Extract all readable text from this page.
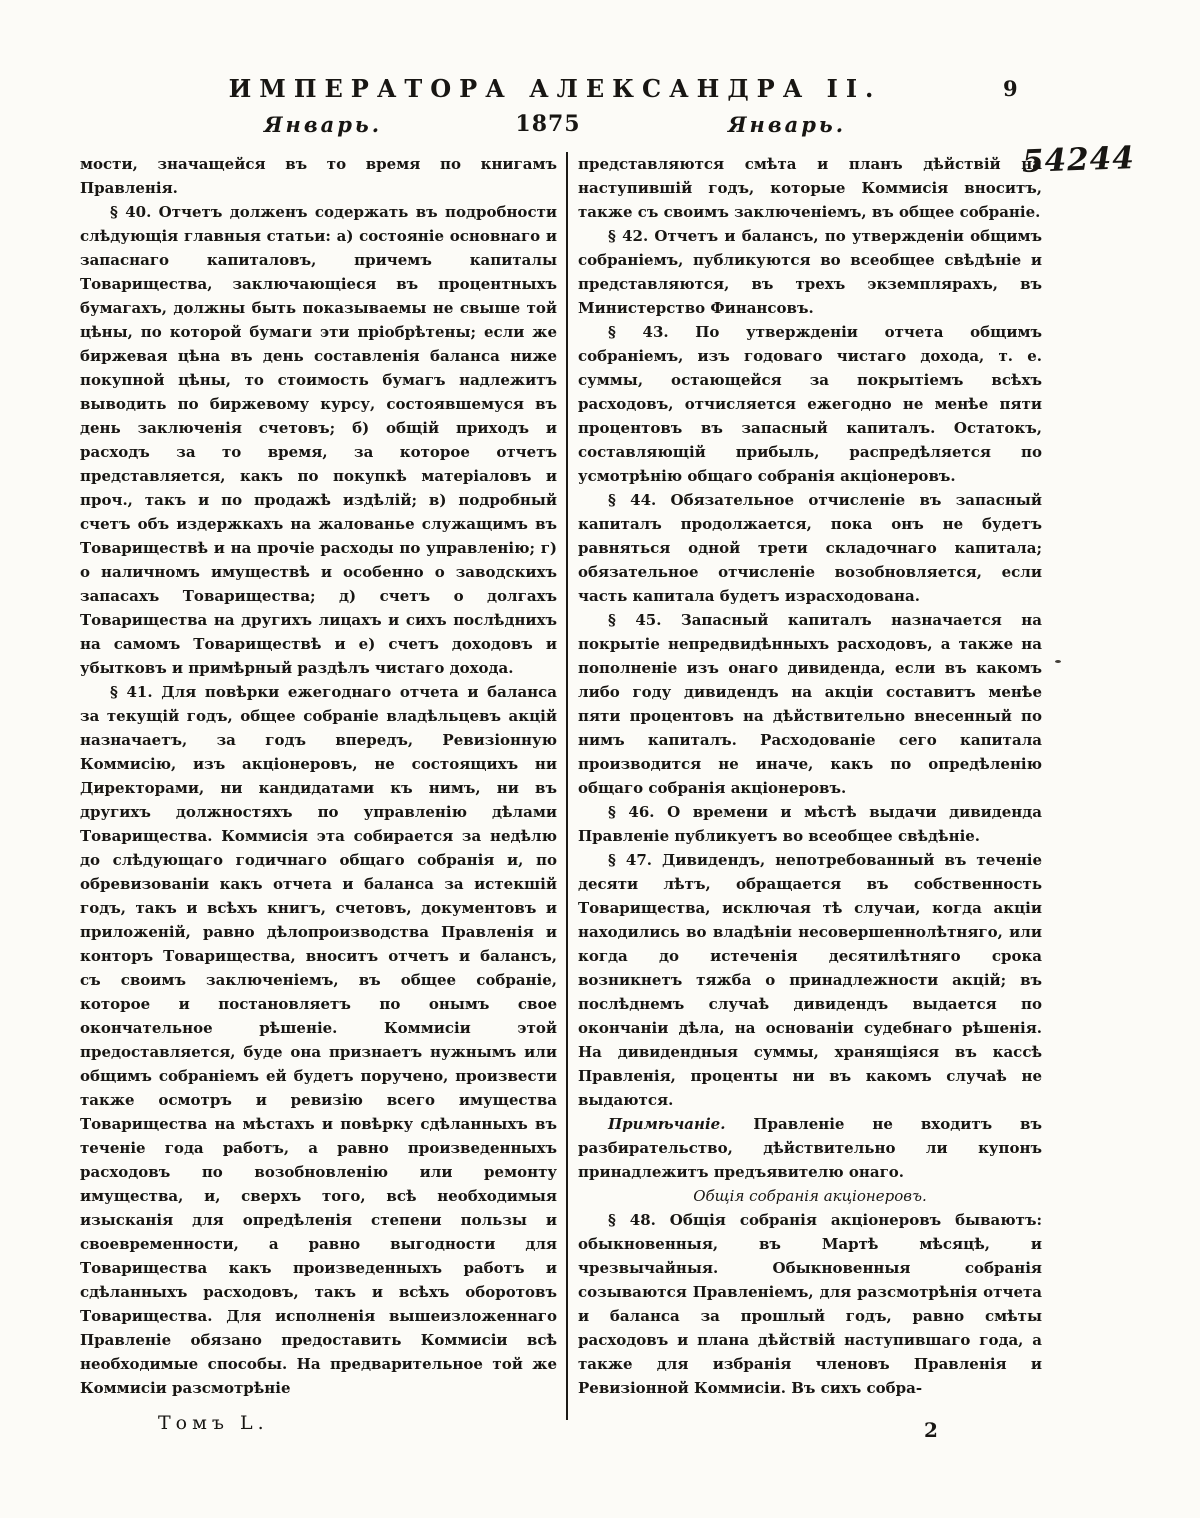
ИМПЕРАТОРА АЛЕКСАНДРА II.	9
Январь.	1875	Январь.
54244

мости, значащейся въ то время по книгамъ Правленія.

§ 40. Отчетъ долженъ содержать въ подробности слѣдующія главныя статьи: а) состояніе основнаго и запаснаго капиталовъ, причемъ капиталы Товарищества, заключающіеся въ процентныхъ бумагахъ, должны быть показываемы не свыше той цѣны, по которой бумаги эти пріобрѣтены; если же биржевая цѣна въ день составленія баланса ниже покупной цѣны, то стоимость бумагъ надлежитъ выводить по биржевому курсу, состоявшемуся въ день заключенія счетовъ; б) общій приходъ и расходъ за то время, за которое отчетъ представляется, какъ по покупкѣ матеріаловъ и проч., такъ и по продажѣ издѣлій; в) подробный счетъ объ издержкахъ на жалованье служащимъ въ Товариществѣ и на прочіе расходы по управленію; г) о наличномъ имуществѣ и особенно о заводскихъ запасахъ Товарищества; д) счетъ о долгахъ Товарищества на другихъ лицахъ и сихъ послѣднихъ на самомъ Товариществѣ и е) счетъ доходовъ и убытковъ и примѣрный раздѣлъ чистаго дохода.

§ 41. Для повѣрки ежегоднаго отчета и баланса за текущій годъ, общее собраніе владѣльцевъ акцій назначаетъ, за годъ впередъ, Ревизіонную Коммисію, изъ акціонеровъ, не состоящихъ ни Директорами, ни кандидатами къ нимъ, ни въ другихъ должностяхъ по управленію дѣлами Товарищества. Коммисія эта собирается за недѣлю до слѣдующаго годичнаго общаго собранія и, по обревизованіи какъ отчета и баланса за истекшій годъ, такъ и всѣхъ книгъ, счетовъ, документовъ и приложеній, равно дѣлопроизводства Правленія и конторъ Товарищества, вноситъ отчетъ и балансъ, съ своимъ заключеніемъ, въ общее собраніе, которое и постановляетъ по онымъ свое окончательное рѣшеніе. Коммисіи этой предоставляется, буде она признаетъ нужнымъ или общимъ собраніемъ ей будетъ поручено, произвести также осмотръ и ревизію всего имущества Товарищества на мѣстахъ и повѣрку сдѣланныхъ въ теченіе года работъ, а равно произведенныхъ расходовъ по возобновленію или ремонту имущества, и, сверхъ того, всѣ необходимыя изысканія для опредѣленія степени пользы и своевременности, а равно выгодности для Товарищества какъ произведенныхъ работъ и сдѣланныхъ расходовъ, такъ и всѣхъ оборотовъ Товарищества. Для исполненія вышеизложеннаго Правленіе обязано предоставить Коммисіи всѣ необходимые способы. На предварительное той же Коммисіи разсмотрѣніе

представляются смѣта и планъ дѣйствій на наступившій годъ, которые Коммисія вноситъ, также съ своимъ заключеніемъ, въ общее собраніе.

§ 42. Отчетъ и балансъ, по утвержденіи общимъ собраніемъ, публикуются во всеобщее свѣдѣніе и представляются, въ трехъ экземплярахъ, въ Министерство Финансовъ.

§ 43. По утвержденіи отчета общимъ собраніемъ, изъ годоваго чистаго дохода, т. е. суммы, остающейся за покрытіемъ всѣхъ расходовъ, отчисляется ежегодно не менѣе пяти процентовъ въ запасный капиталъ. Остатокъ, составляющій прибыль, распредѣляется по усмотрѣнію общаго собранія акціонеровъ.

§ 44. Обязательное отчисленіе въ запасный капиталъ продолжается, пока онъ не будетъ равняться одной трети складочнаго капитала; обязательное отчисленіе возобновляется, если часть капитала будетъ израсходована.

§ 45. Запасный капиталъ назначается на покрытіе непредвидѣнныхъ расходовъ, а также на пополненіе изъ онаго дивиденда, если въ какомъ либо году дивидендъ на акціи составитъ менѣе пяти процентовъ на дѣйствительно внесенный по нимъ капиталъ. Расходованіе сего капитала производится не иначе, какъ по опредѣленію общаго собранія акціонеровъ.

§ 46. О времени и мѣстѣ выдачи дивиденда Правленіе публикуетъ во всеобщее свѣдѣніе.

§ 47. Дивидендъ, непотребованный въ теченіе десяти лѣтъ, обращается въ собственность Товарищества, исключая тѣ случаи, когда акціи находились во владѣніи несовершеннолѣтняго, или когда до истеченія десятилѣтняго срока возникнетъ тяжба о принадлежности акцій; въ послѣднемъ случаѣ дивидендъ выдается по окончаніи дѣла, на основаніи судебнаго рѣшенія. На дивидендныя суммы, хранящіяся въ кассѣ Правленія, проценты ни въ какомъ случаѣ не выдаются.

Примѣчаніе. Правленіе не входитъ въ разбирательство, дѣйствительно ли купонъ принадлежитъ предъявителю онаго.

Общія собранія акціонеровъ.

§ 48. Общія собранія акціонеровъ бываютъ: обыкновенныя, въ Мартѣ мѣсяцѣ, и чрезвычайныя. Обыкновенныя собранія созываются Правленіемъ, для разсмотрѣнія отчета и баланса за прошлый годъ, равно смѣты расходовъ и плана дѣйствій наступившаго года, а также для избранія членовъ Правленія и Ревизіонной Коммисіи. Въ сихъ собра-

Томъ L.	2
